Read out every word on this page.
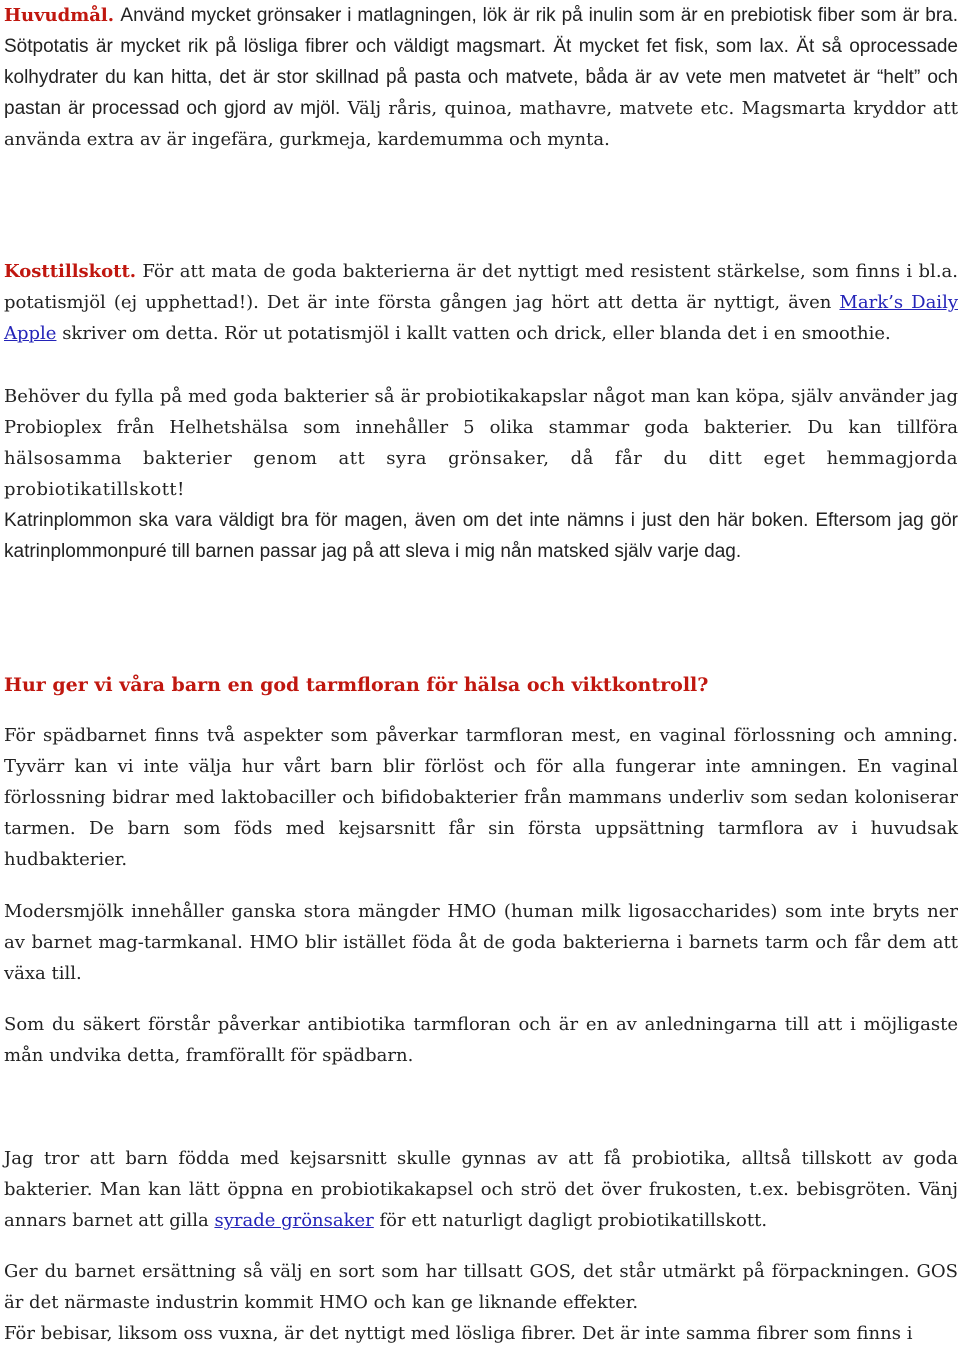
Huvudmål. Använd mycket grönsaker i matlagningen, lök är rik på inulin som är en prebiotisk fiber som är bra. Sötpotatis är mycket rik på lösliga fibrer och väldigt magsmart. Ät mycket fet fisk, som lax. Ät så oprocessade kolhydrater du kan hitta, det är stor skillnad på pasta och matvete, båda är av vete men matvetet är “helt” och pastan är processad och gjord av mjöl. Välj råris, quinoa, mathavre, matvete etc. Magsmarta kryddor att använda extra av är ingefära, gurkmeja, kardemumma och mynta.

Kosttillskott. För att mata de goda bakterierna är det nyttigt med resistent stärkelse, som finns i bl.a. potatismjöl (ej upphettad!). Det är inte första gången jag hört att detta är nyttigt, även Mark’s Daily Apple skriver om detta. Rör ut potatismjöl i kallt vatten och drick, eller blanda det i en smoothie.

Behöver du fylla på med goda bakterier så är probiotikakapslar något man kan köpa, själv använder jag Probioplex från Helhetshälsa som innehåller 5 olika stammar goda bakterier. Du kan tillföra hälsosamma bakterier genom att syra grönsaker, då får du ditt eget hemmagjorda probiotikatillskott!

Katrinplommon ska vara väldigt bra för magen, även om det inte nämns i just den här boken. Eftersom jag gör katrinplommonpuré till barnen passar jag på att sleva i mig nån matsked själv varje dag.

Hur ger vi våra barn en god tarmfloran för hälsa och viktkontroll?

För spädbarnet finns två aspekter som påverkar tarmfloran mest, en vaginal förlossning och amning. Tyvärr kan vi inte välja hur vårt barn blir förlöst och för alla fungerar inte amningen. En vaginal förlossning bidrar med laktobaciller och bifidobakterier från mammans underliv som sedan koloniserar tarmen. De barn som föds med kejsarsnitt får sin första uppsättning tarmflora av i huvudsak hudbakterier.

Modersmjölk innehåller ganska stora mängder HMO (human milk ligosaccharides) som inte bryts ner av barnet mag-tarmkanal. HMO blir istället föda åt de goda bakterierna i barnets tarm och får dem att växa till.

Som du säkert förstår påverkar antibiotika tarmfloran och är en av anledningarna till att i möjligaste mån undvika detta, framförallt för spädbarn.

Jag tror att barn födda med kejsarsnitt skulle gynnas av att få probiotika, alltså tillskott av goda bakterier. Man kan lätt öppna en probiotikakapsel och strö det över frukosten, t.ex. bebisgröten. Vänj annars barnet att gilla syrade grönsaker för ett naturligt dagligt probiotikatillskott.

Ger du barnet ersättning så välj en sort som har tillsatt GOS, det står utmärkt på förpackningen. GOS är det närmaste industrin kommit HMO och kan ge liknande effekter.

För bebisar, liksom oss vuxna, är det nyttigt med lösliga fibrer. Det är inte samma fibrer som finns i
